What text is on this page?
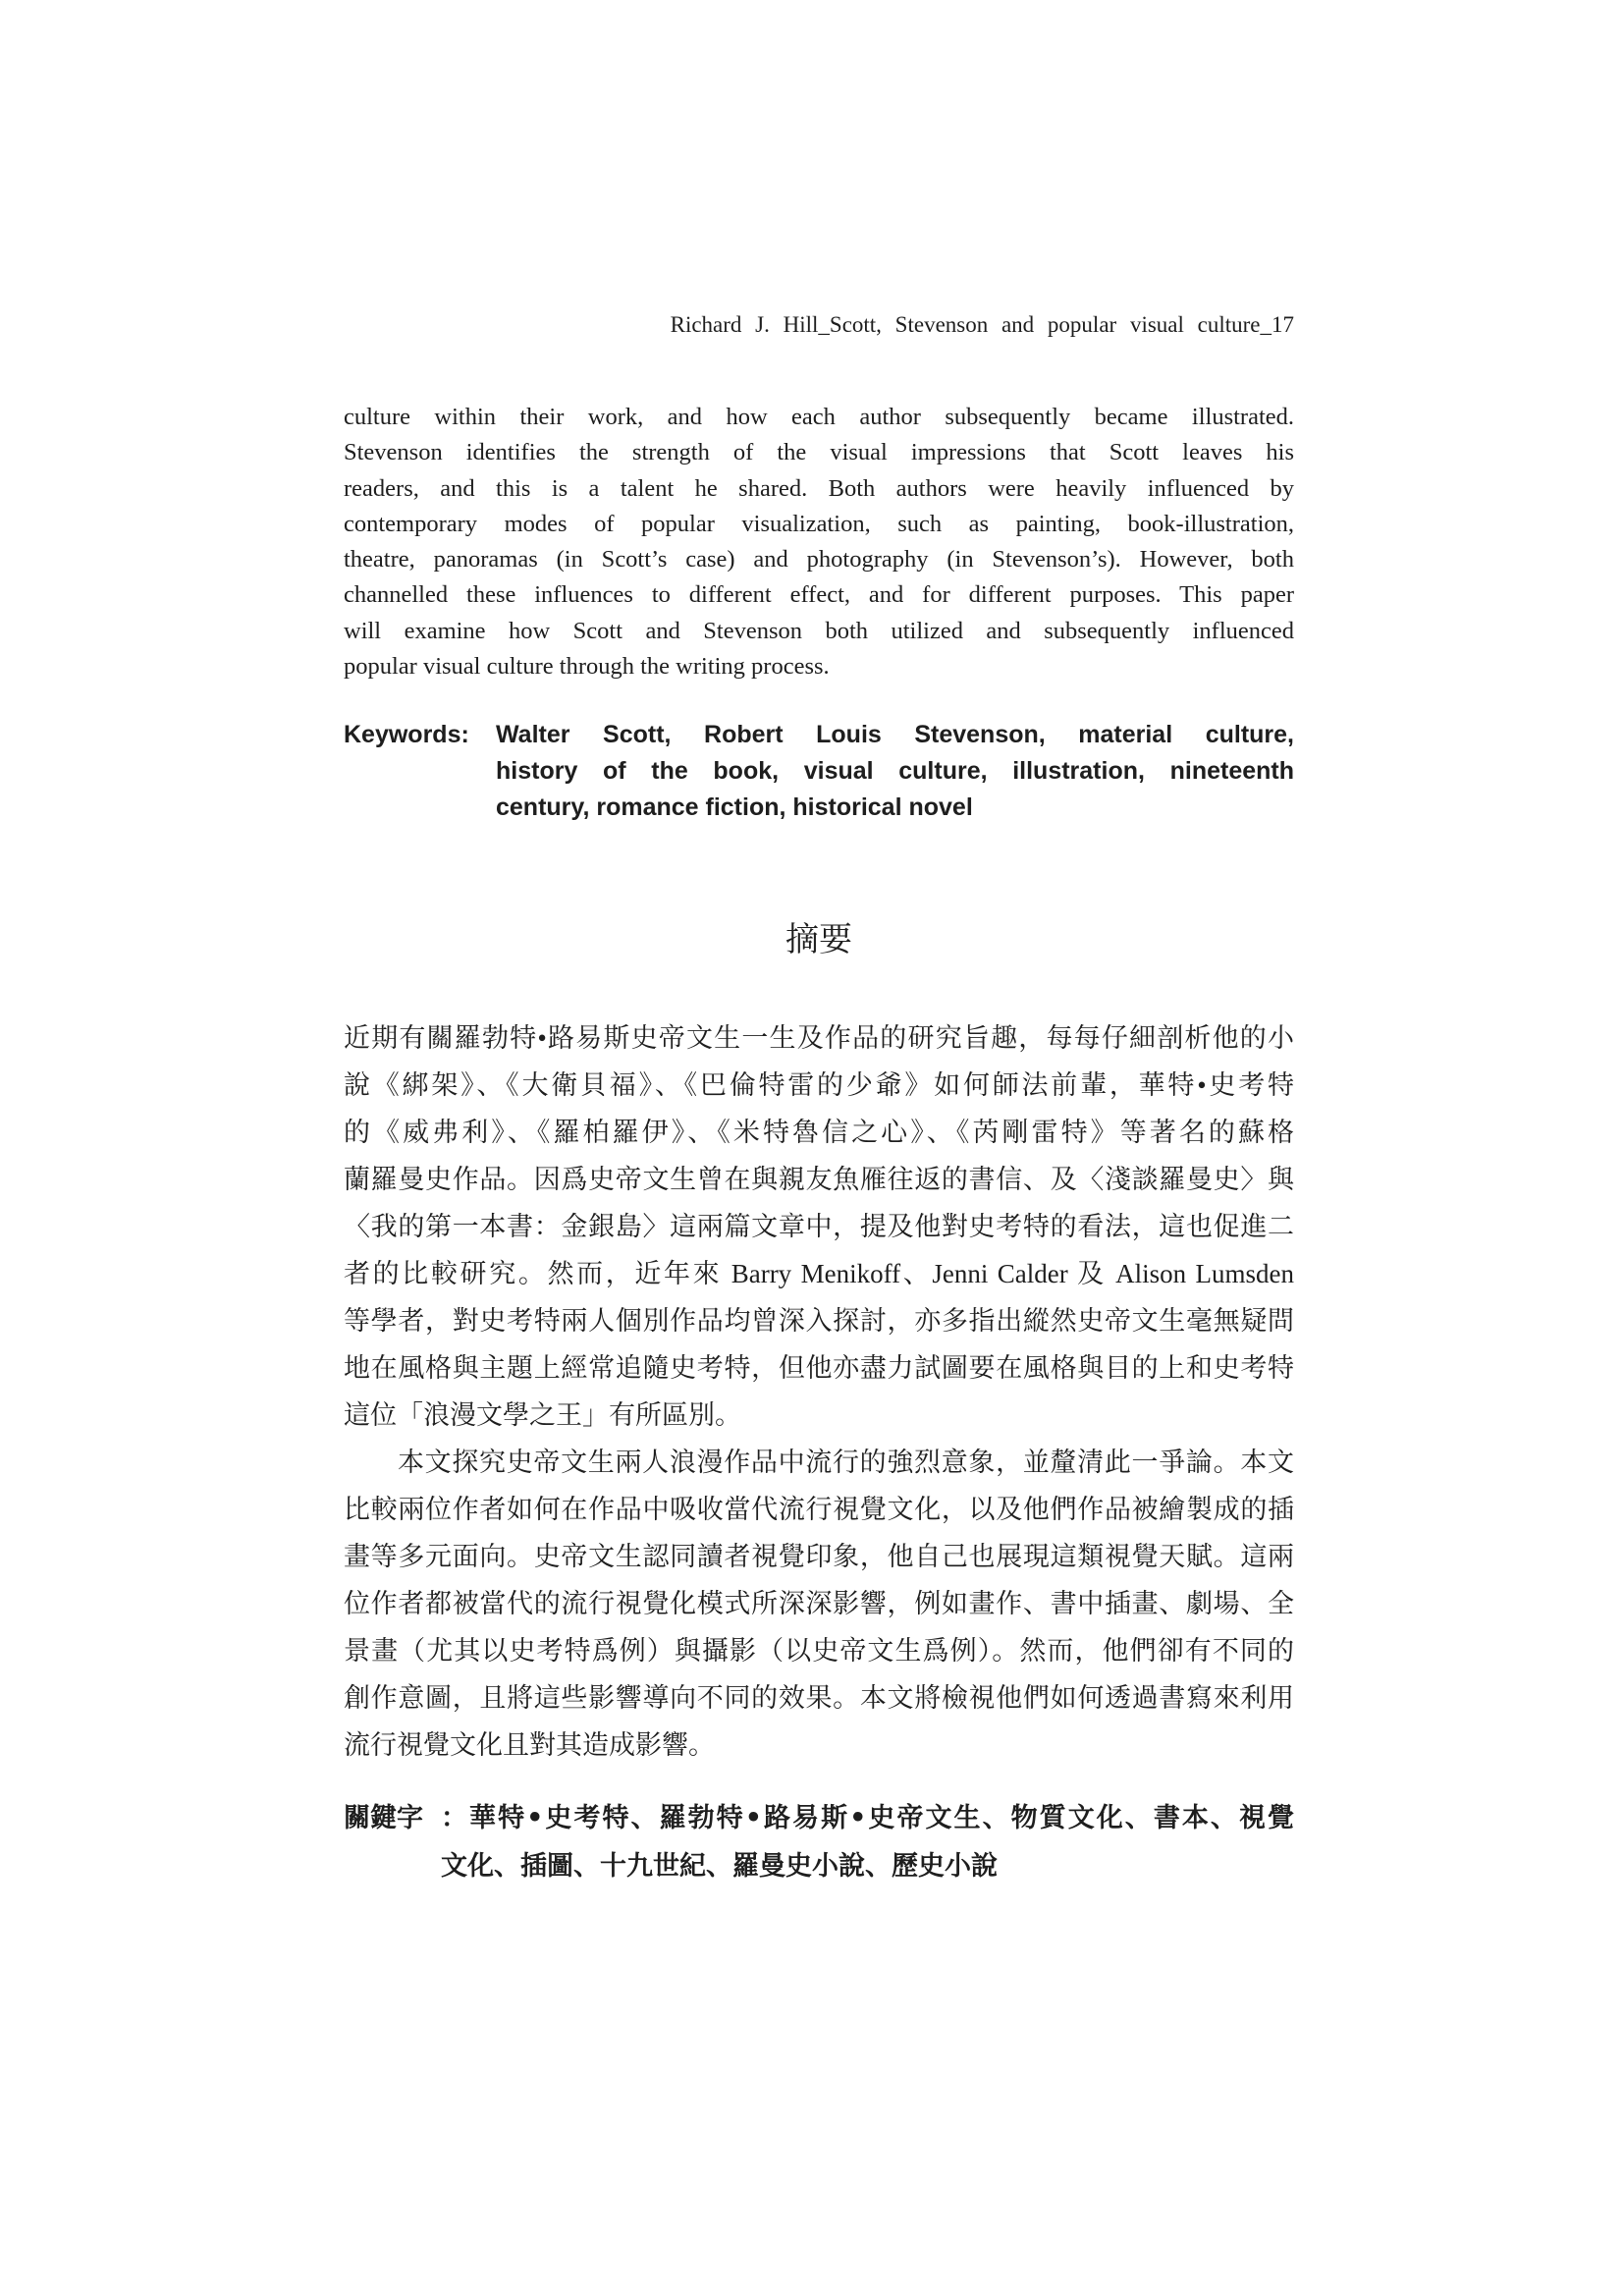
Richard J. Hill_Scott, Stevenson and popular visual culture_17
culture within their work, and how each author subsequently became illustrated.
Stevenson identifies the strength of the visual impressions that Scott leaves his
readers, and this is a talent he shared. Both authors were heavily influenced by
contemporary modes of popular visualization, such as painting, book-illustration,
theatre, panoramas (in Scott’s case) and photography (in Stevenson’s). However, both
channelled these influences to different effect, and for different purposes. This paper
will examine how Scott and Stevenson both utilized and subsequently influenced
popular visual culture through the writing process.
Keywords: Walter Scott, Robert Louis Stevenson, material culture,
history of the book, visual culture, illustration, nineteenth
century, romance fiction, historical novel
摘要
近期有關羅勃特•路易斯史帝文生一生及作品的研究旨趣，每每仔細剖析他的小
說《綁架》、《大衛貝福》、《巴倫特雷的少爺》如何師法前輩，華特•史考特
的《威弗利》、《羅柏羅伊》、《米特魯信之心》、《芮剛雷特》等著名的蘇格
蘭羅曼史作品。因爲史帝文生曾在與親友魚雁往返的書信、及〈淺談羅曼史〉與
〈我的第一本書：金銀島〉這兩篇文章中，提及他對史考特的看法，這也促進二
者的比較研究。然而，近年來 Barry Menikoff、Jenni Calder 及 Alison Lumsden
等學者，對史考特兩人個別作品均曾深入探討，亦多指出縱然史帝文生毫無疑問
地在風格與主題上經常追隨史考特，但他亦盡力試圖要在風格與目的上和史考特
這位「浪漫文學之王」有所區別。
本文探究史帝文生兩人浪漫作品中流行的強烈意象，並釐清此一爭論。本文
比較兩位作者如何在作品中吸收當代流行視覺文化，以及他們作品被繪製成的插
畫等多元面向。史帝文生認同讀者視覺印象，他自己也展現這類視覺天賦。這兩
位作者都被當代的流行視覺化模式所深深影響，例如畫作、書中插畫、劇場、全
景畫（尤其以史考特爲例）與攝影（以史帝文生爲例）。然而，他們卻有不同的
創作意圖，且將這些影響導向不同的效果。本文將檢視他們如何透過書寫來利用
流行視覺文化且對其造成影響。
關鍵字 ：華特•史考特、羅勃特•路易斯•史帝文生、物質文化、書本、視覺
文化、插圖、十九世紀、羅曼史小說、歷史小說
